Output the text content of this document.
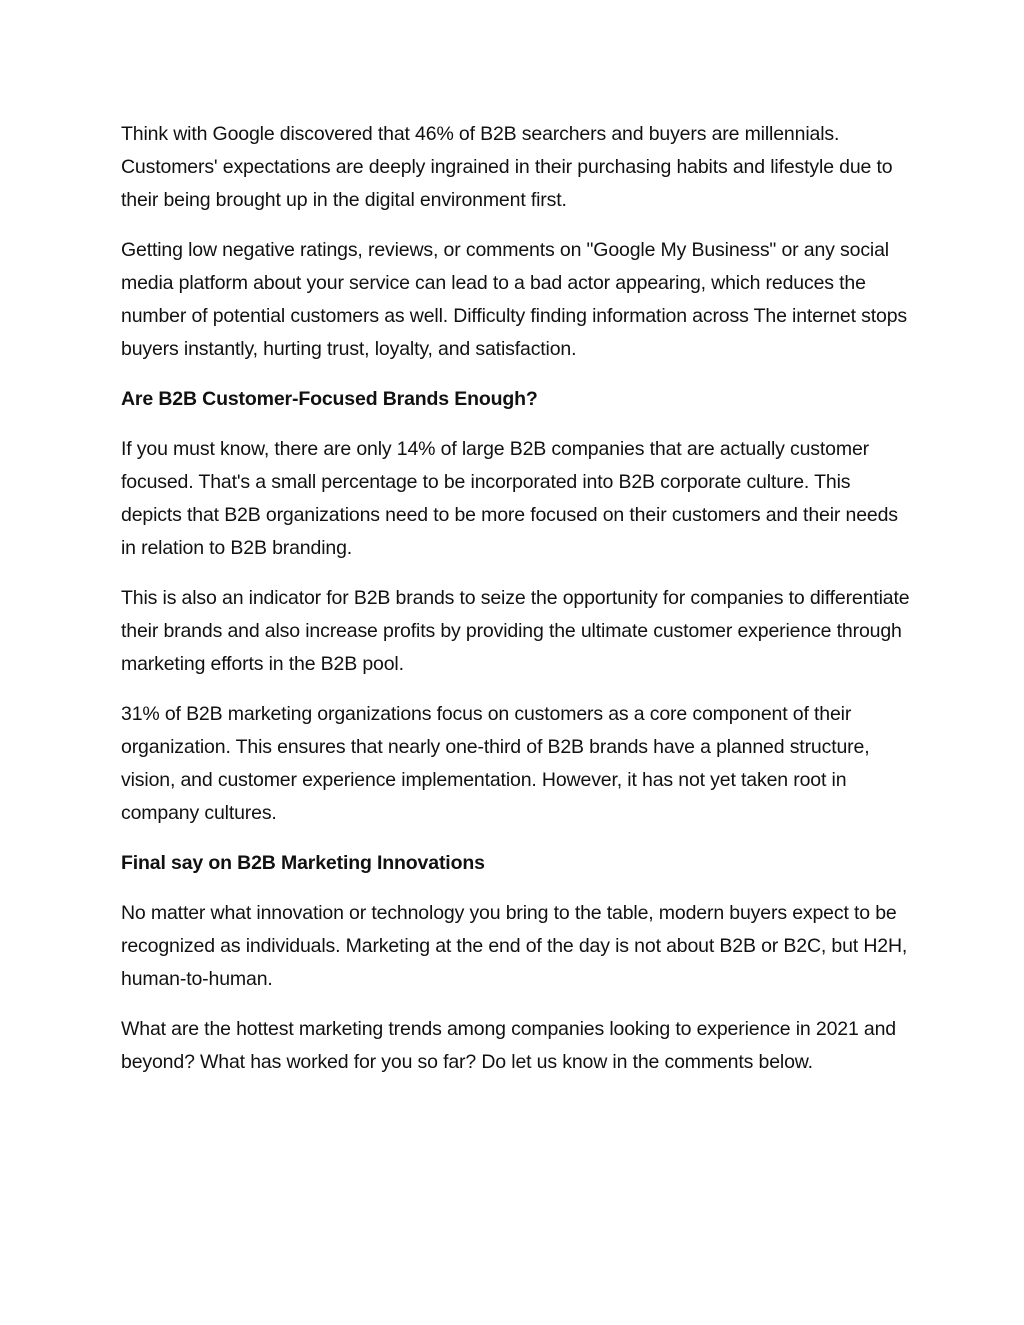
Think with Google discovered that 46% of B2B searchers and buyers are millennials. Customers' expectations are deeply ingrained in their purchasing habits and lifestyle due to their being brought up in the digital environment first.

Getting low negative ratings, reviews, or comments on "Google My Business" or any social media platform about your service can lead to a bad actor appearing, which reduces the number of potential customers as well. Difficulty finding information across The internet stops buyers instantly, hurting trust, loyalty, and satisfaction.

Are B2B Customer-Focused Brands Enough?

If you must know, there are only 14% of large B2B companies that are actually customer focused. That's a small percentage to be incorporated into B2B corporate culture. This depicts that B2B organizations need to be more focused on their customers and their needs in relation to B2B branding.

This is also an indicator for B2B brands to seize the opportunity for companies to differentiate their brands and also increase profits by providing the ultimate customer experience through marketing efforts in the B2B pool.

31% of B2B marketing organizations focus on customers as a core component of their organization. This ensures that nearly one-third of B2B brands have a planned structure, vision, and customer experience implementation. However, it has not yet taken root in company cultures.

Final say on B2B Marketing Innovations

No matter what innovation or technology you bring to the table, modern buyers expect to be recognized as individuals. Marketing at the end of the day is not about B2B or B2C, but H2H, human-to-human.

What are the hottest marketing trends among companies looking to experience in 2021 and beyond? What has worked for you so far? Do let us know in the comments below.
